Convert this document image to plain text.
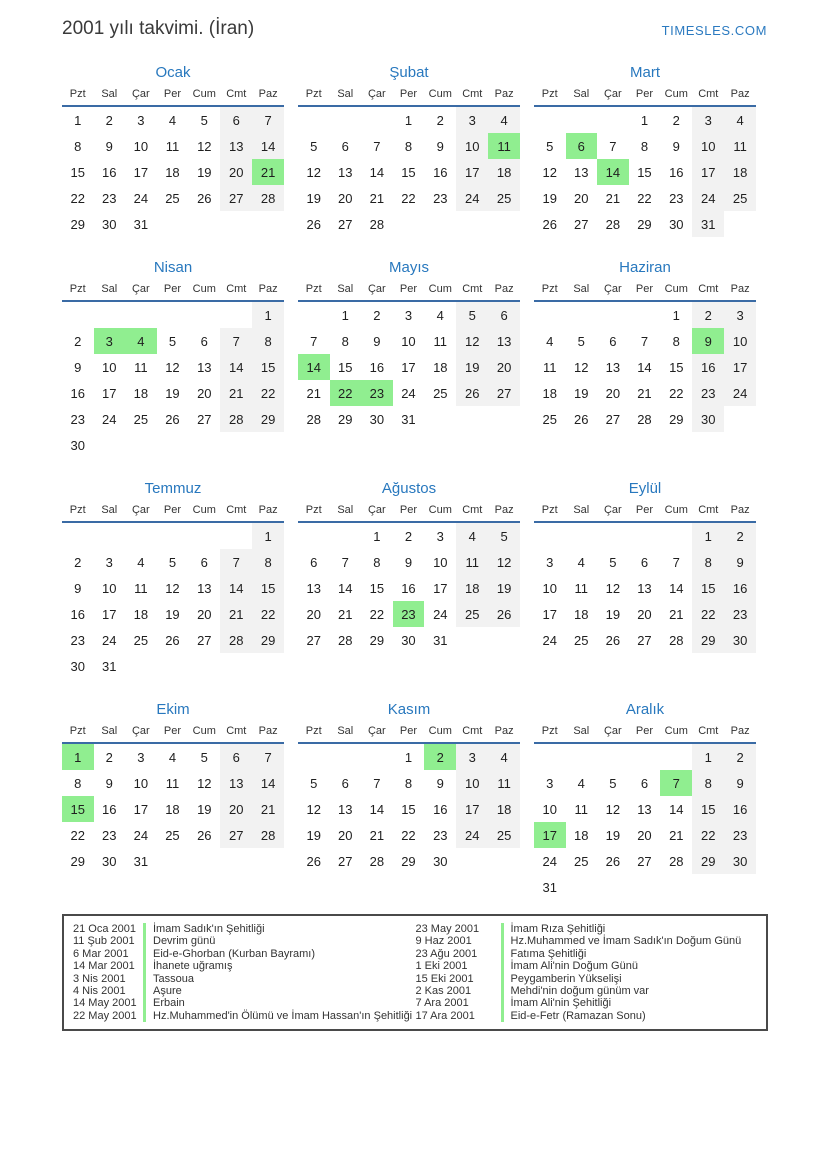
2001 yılı takvimi. (İran)	TIMESLES.COM
Ocak
Pzt	Sal	Çar	Per	Cum	Cmt	Paz
1	2	3	4	5	6	7
8	9	10	11	12	13	14
15	16	17	18	19	20	21
22	23	24	25	26	27	28
29	30	31				
Şubat
Pzt	Sal	Çar	Per	Cum	Cmt	Paz
			1	2	3	4
5	6	7	8	9	10	11
12	13	14	15	16	17	18
19	20	21	22	23	24	25
26	27	28				
Mart
Pzt	Sal	Çar	Per	Cum	Cmt	Paz
			1	2	3	4
5	6	7	8	9	10	11
12	13	14	15	16	17	18
19	20	21	22	23	24	25
26	27	28	29	30	31	
Nisan
Pzt	Sal	Çar	Per	Cum	Cmt	Paz
						1
2	3	4	5	6	7	8
9	10	11	12	13	14	15
16	17	18	19	20	21	22
23	24	25	26	27	28	29
30						
Mayıs
Pzt	Sal	Çar	Per	Cum	Cmt	Paz
	1	2	3	4	5	6
7	8	9	10	11	12	13
14	15	16	17	18	19	20
21	22	23	24	25	26	27
28	29	30	31			
Haziran
Pzt	Sal	Çar	Per	Cum	Cmt	Paz
				1	2	3
4	5	6	7	8	9	10
11	12	13	14	15	16	17
18	19	20	21	22	23	24
25	26	27	28	29	30	
Temmuz
Pzt	Sal	Çar	Per	Cum	Cmt	Paz
						1
2	3	4	5	6	7	8
9	10	11	12	13	14	15
16	17	18	19	20	21	22
23	24	25	26	27	28	29
30	31					
Ağustos
Pzt	Sal	Çar	Per	Cum	Cmt	Paz
		1	2	3	4	5
6	7	8	9	10	11	12
13	14	15	16	17	18	19
20	21	22	23	24	25	26
27	28	29	30	31		
Eylül
Pzt	Sal	Çar	Per	Cum	Cmt	Paz
					1	2
3	4	5	6	7	8	9
10	11	12	13	14	15	16
17	18	19	20	21	22	23
24	25	26	27	28	29	30
Ekim
Pzt	Sal	Çar	Per	Cum	Cmt	Paz
1	2	3	4	5	6	7
8	9	10	11	12	13	14
15	16	17	18	19	20	21
22	23	24	25	26	27	28
29	30	31				
Kasım
Pzt	Sal	Çar	Per	Cum	Cmt	Paz
			1	2	3	4
5	6	7	8	9	10	11
12	13	14	15	16	17	18
19	20	21	22	23	24	25
26	27	28	29	30		
Aralık
Pzt	Sal	Çar	Per	Cum	Cmt	Paz
					1	2
3	4	5	6	7	8	9
10	11	12	13	14	15	16
17	18	19	20	21	22	23
24	25	26	27	28	29	30
31						
21 Oca 2001	İmam Sadık'ın Şehitliği
11 Şub 2001	Devrim günü
6 Mar 2001	Eid-e-Ghorban (Kurban Bayramı)
14 Mar 2001	İhanete uğramış
3 Nis 2001	Tassoua
4 Nis 2001	Aşure
14 May 2001	Erbain
22 May 2001	Hz.Muhammed'in Ölümü ve İmam Hassan'ın Şehitliği
23 May 2001	İmam Rıza Şehitliği
9 Haz 2001	Hz.Muhammed ve İmam Sadık'ın Doğum Günü
23 Ağu 2001	Fatıma Şehitliği
1 Eki 2001	İmam Ali'nin Doğum Günü
15 Eki 2001	Peygamberin Yükselişi
2 Kas 2001	Mehdi'nin doğum günüm var
7 Ara 2001	İmam Ali'nin Şehitliği
17 Ara 2001	Eid-e-Fetr (Ramazan Sonu)
